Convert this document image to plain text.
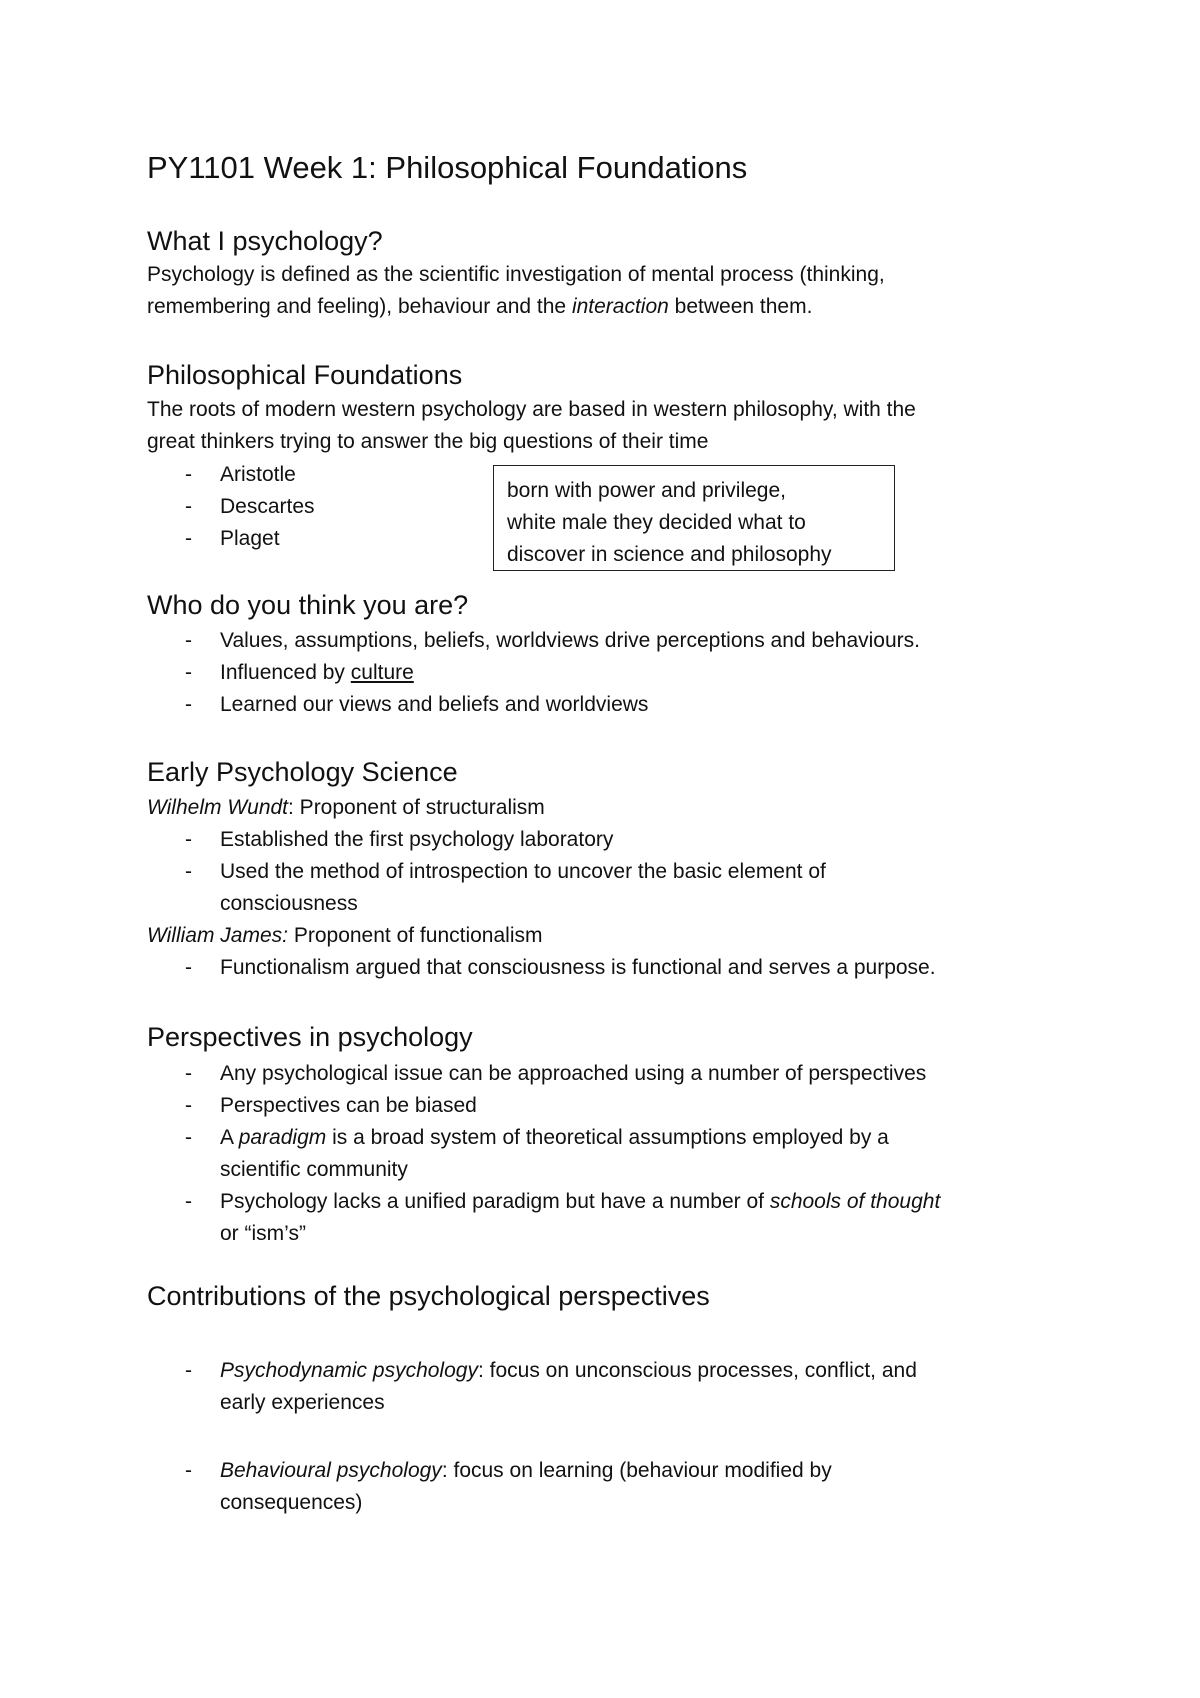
PY1101 Week 1: Philosophical Foundations
What I psychology?

Psychology is defined as the scientific investigation of mental process (thinking,

remembering and feeling), behaviour and the interaction between them.

Philosophical Foundations

The roots of modern western psychology are based in western philosophy, with the

great thinkers trying to answer the big questions of their time

- Aristotle

- Descartes

- Plaget

born with power and privilege,

white male they decided what to

discover in science and philosophy

Who do you think you are?
- Values, assumptions, beliefs, worldviews drive perceptions and behaviours.

- Influenced by culture

- Learned our views and beliefs and worldviews

Early Psychology Science

Wilhelm Wundt: Proponent of structuralism

- Established the first psychology laboratory

- Used the method of introspection to uncover the basic element of

consciousness

William James: Proponent of functionalism

- Functionalism argued that consciousness is functional and serves a purpose.

Perspectives in psychology
- Any psychological issue can be approached using a number of perspectives

- Perspectives can be biased

- A paradigm is a broad system of theoretical assumptions employed by a

scientific community

- Psychology lacks a unified paradigm but have a number of schools of thought

or “ism’s”

Contributions of the psychological perspectives
- Psychodynamic psychology: focus on unconscious processes, conflict, and

early experiences

- Behavioural psychology: focus on learning (behaviour modified by

consequences)
